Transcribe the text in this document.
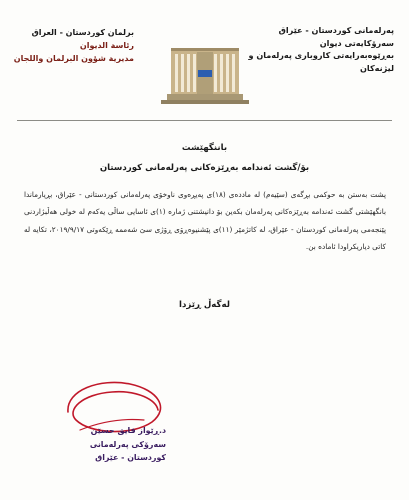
پەرلەمانی کوردستان - عێراق
سەرۆکایەتی دیوان
بەڕێوەبەرایەتی کاروباری پەرلەمان و
لیژنەکان
برلمان كوردستان - العراق
رئاسة الديوان
مديرية شؤون البرلمان واللجان
باننگهێشت
بۆ/گشت ئەندامە بەڕێزەکانی پەرلەمانی کوردستان
پشت بەستن بە حوکمی بڕگەی (سێیەم) لە ماددەی (١٨)ی پەیڕەوی ناوخۆی پەرلەمانی کوردستانی - عێراق، بڕیارماندا بانگهێشتی گشت ئەندامە بەڕێزەکانی پەرلەمان بکەین بۆ دانیشتنی ژمارە (١)ی ئاسایی ساڵی یەکەم لە خولی هەڵبژاردنی پێنجەمی پەرلەمانی کوردستان - عێراق، لە کاتژمێر (١١)ی پێشنیوەڕۆی ڕۆژی سێ شەممە ڕێکەوتی ٢٠١٩/٩/١٧، تکایە لە کاتی دیاریکراودا ئامادە بن.
لەگەڵ ڕێزدا
د.ڕێواز فایق حسێن
سەرۆکی پەرلەمانی
کوردستان - عێراق
